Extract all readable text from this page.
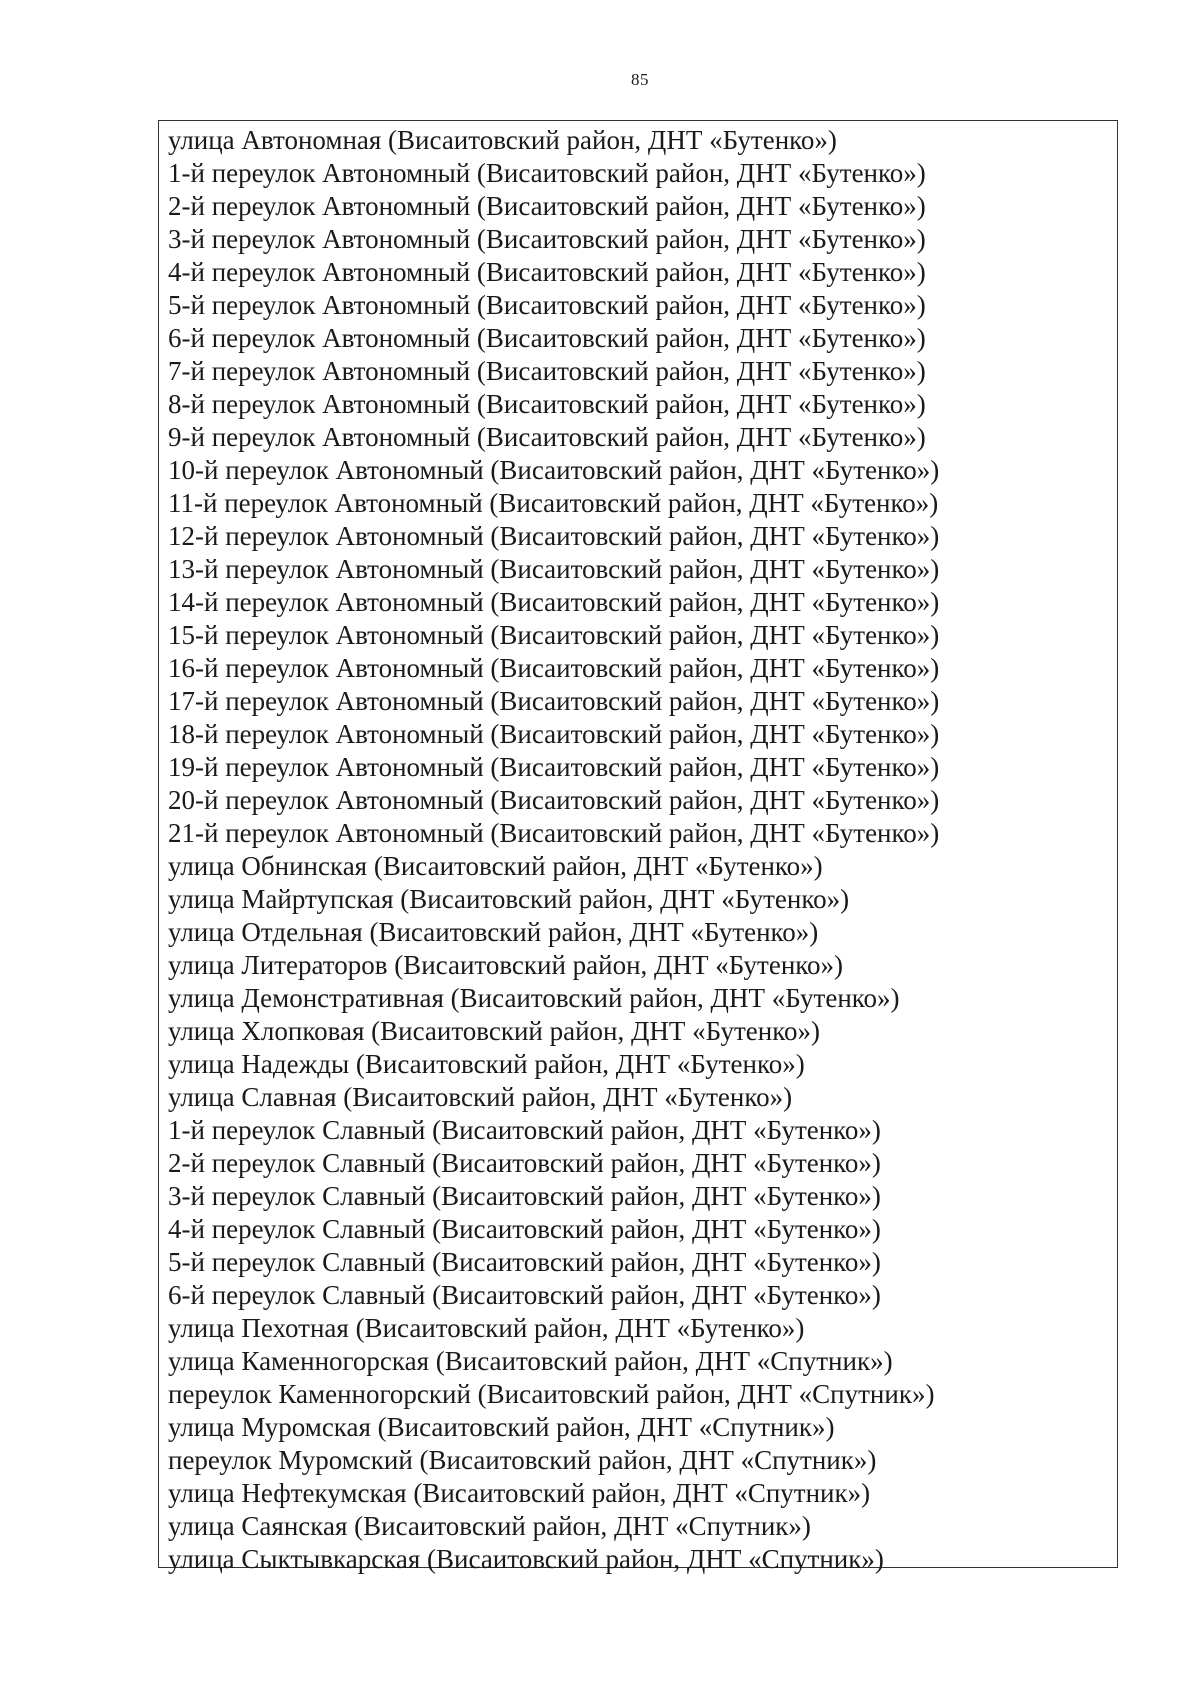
85
улица Автономная (Висаитовский район, ДНТ «Бутенко»)
1-й переулок Автономный (Висаитовский район, ДНТ «Бутенко»)
2-й переулок Автономный (Висаитовский район, ДНТ «Бутенко»)
3-й переулок Автономный (Висаитовский район, ДНТ «Бутенко»)
4-й переулок Автономный (Висаитовский район, ДНТ «Бутенко»)
5-й переулок Автономный (Висаитовский район, ДНТ «Бутенко»)
6-й переулок Автономный (Висаитовский район, ДНТ «Бутенко»)
7-й переулок Автономный (Висаитовский район, ДНТ «Бутенко»)
8-й переулок Автономный (Висаитовский район, ДНТ «Бутенко»)
9-й переулок Автономный (Висаитовский район, ДНТ «Бутенко»)
10-й переулок Автономный (Висаитовский район, ДНТ «Бутенко»)
11-й переулок Автономный (Висаитовский район, ДНТ «Бутенко»)
12-й переулок Автономный (Висаитовский район, ДНТ «Бутенко»)
13-й переулок Автономный (Висаитовский район, ДНТ «Бутенко»)
14-й переулок Автономный (Висаитовский район, ДНТ «Бутенко»)
15-й переулок Автономный (Висаитовский район, ДНТ «Бутенко»)
16-й переулок Автономный (Висаитовский район, ДНТ «Бутенко»)
17-й переулок Автономный (Висаитовский район, ДНТ «Бутенко»)
18-й переулок Автономный (Висаитовский район, ДНТ «Бутенко»)
19-й переулок Автономный (Висаитовский район, ДНТ «Бутенко»)
20-й переулок Автономный (Висаитовский район, ДНТ «Бутенко»)
21-й переулок Автономный (Висаитовский район, ДНТ «Бутенко»)
улица Обнинская (Висаитовский район, ДНТ «Бутенко»)
улица Майртупская (Висаитовский район, ДНТ «Бутенко»)
улица Отдельная (Висаитовский район, ДНТ «Бутенко»)
улица Литераторов (Висаитовский район, ДНТ «Бутенко»)
улица Демонстративная (Висаитовский район, ДНТ «Бутенко»)
улица Хлопковая (Висаитовский район, ДНТ «Бутенко»)
улица Надежды (Висаитовский район, ДНТ «Бутенко»)
улица Славная (Висаитовский район, ДНТ «Бутенко»)
1-й переулок Славный (Висаитовский район, ДНТ «Бутенко»)
2-й переулок Славный (Висаитовский район, ДНТ «Бутенко»)
3-й переулок Славный (Висаитовский район, ДНТ «Бутенко»)
4-й переулок Славный (Висаитовский район, ДНТ «Бутенко»)
5-й переулок Славный (Висаитовский район, ДНТ «Бутенко»)
6-й переулок Славный (Висаитовский район, ДНТ «Бутенко»)
улица Пехотная (Висаитовский район, ДНТ «Бутенко»)
улица Каменногорская (Висаитовский район, ДНТ «Спутник»)
переулок Каменногорский (Висаитовский район, ДНТ «Спутник»)
улица Муромская (Висаитовский район, ДНТ «Спутник»)
переулок Муромский (Висаитовский район, ДНТ «Спутник»)
улица Нефтекумская (Висаитовский район, ДНТ «Спутник»)
улица Саянская (Висаитовский район, ДНТ «Спутник»)
улица Сыктывкарская (Висаитовский район, ДНТ «Спутник»)
